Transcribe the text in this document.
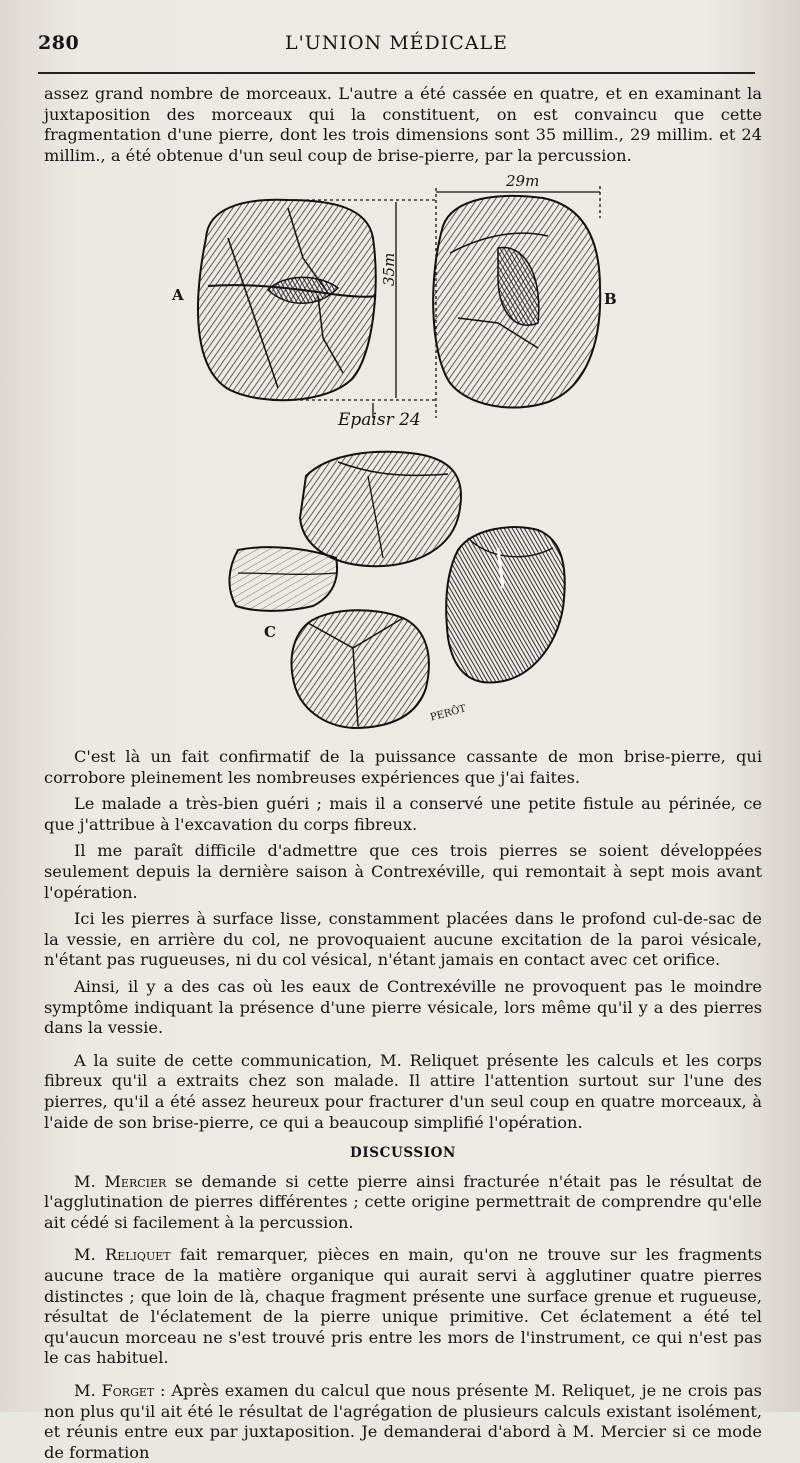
280	L'UNION MÉDICALE

assez grand nombre de morceaux. L'autre a été cassée en quatre, et en examinant la juxtaposition des morceaux qui la constituent, on est convaincu que cette fragmentation d'une pierre, dont les trois dimensions sont 35 millim., 29 millim. et 24 millim., a été obtenue d'un seul coup de brise-pierre, par la percussion.

A	B
C
29m
35m
Epaisr 24
PERÔT

C'est là un fait confirmatif de la puissance cassante de mon brise-pierre, qui corrobore pleinement les nombreuses expériences que j'ai faites.

Le malade a très-bien guéri ; mais il a conservé une petite fistule au périnée, ce que j'attribue à l'excavation du corps fibreux.

Il me paraît difficile d'admettre que ces trois pierres se soient développées seulement depuis la dernière saison à Contrexéville, qui remontait à sept mois avant l'opération.

Ici les pierres à surface lisse, constamment placées dans le profond cul-de-sac de la vessie, en arrière du col, ne provoquaient aucune excitation de la paroi vésicale, n'étant pas rugueuses, ni du col vésical, n'étant jamais en contact avec cet orifice.

Ainsi, il y a des cas où les eaux de Contrexéville ne provoquent pas le moindre symptôme indiquant la présence d'une pierre vésicale, lors même qu'il y a des pierres dans la vessie.

A la suite de cette communication, M. Reliquet présente les calculs et les corps fibreux qu'il a extraits chez son malade. Il attire l'attention surtout sur l'une des pierres, qu'il a été assez heureux pour fracturer d'un seul coup en quatre morceaux, à l'aide de son brise-pierre, ce qui a beaucoup simplifié l'opération.

DISCUSSION

M. Mercier se demande si cette pierre ainsi fracturée n'était pas le résultat de l'agglutination de pierres différentes ; cette origine permettrait de comprendre qu'elle ait cédé si facilement à la percussion.

M. Reliquet fait remarquer, pièces en main, qu'on ne trouve sur les fragments aucune trace de la matière organique qui aurait servi à agglutiner quatre pierres distinctes ; que loin de là, chaque fragment présente une surface grenue et rugueuse, résultat de l'éclatement de la pierre unique primitive. Cet éclatement a été tel qu'aucun morceau ne s'est trouvé pris entre les mors de l'instrument, ce qui n'est pas le cas habituel.

M. Forget : Après examen du calcul que nous présente M. Reliquet, je ne crois pas non plus qu'il ait été le résultat de l'agrégation de plusieurs calculs existant isolément, et réunis entre eux par juxtaposition. Je demanderai d'abord à M. Mercier si ce mode de formation
